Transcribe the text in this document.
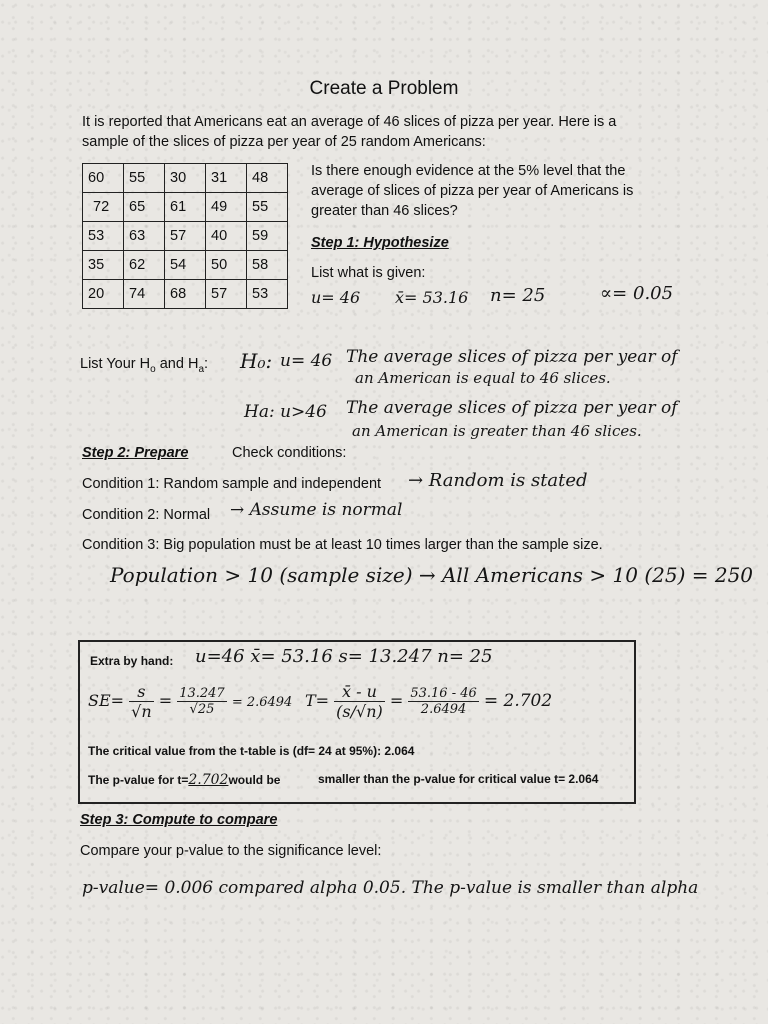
Create a Problem
It is reported that Americans eat an average of 46 slices of pizza per year. Here is a
sample of the slices of pizza per year of 25 random Americans:
60	55	30	31	48
72	65	61	49	55
53	63	57	40	59
35	62	54	50	58
20	74	68	57	53
Is there enough evidence at the 5% level that the
average of slices of pizza per year of Americans is
greater than 46 slices?
Step 1: Hypothesize
List what is given:
u= 46 x̄= 53.16 n= 25	∝= 0.05
List Your $H_o$ and $H_a$: H₀: u= 46 The average slices of pizza per year of
an American is equal to 46 slices.
Ha: u>46 The average slices of pizza per year of
an American is greater than 46 slices.
Step 2: Prepare	Check conditions:
Condition 1: Random sample and independent → Random is stated
Condition 2: Normal → Assume is normal
Condition 3: Big population must be at least 10 times larger than the sample size.
Population > 10 (sample size) → All Americans > 10 (25) = 250
Extra by hand: u=46 x̄= 53.16 s= 13.247 n= 25
$SE= \frac{s}{√n} = \frac{13.247}{√25} = 2.6494$ $T= \frac{x̄ - u}{(s/√n)} = \frac{53.16 - 46}{2.6494} = 2.702$
The critical value from the t-table is (df= 24 at 95%): 2.064
The p-value for t=2.702would be	smaller than the p-value for critical value t= 2.064
Step 3: Compute to compare
Compare your p-value to the significance level:
p-value= 0.006 compared alpha 0.05. The p-value is smaller than alpha
